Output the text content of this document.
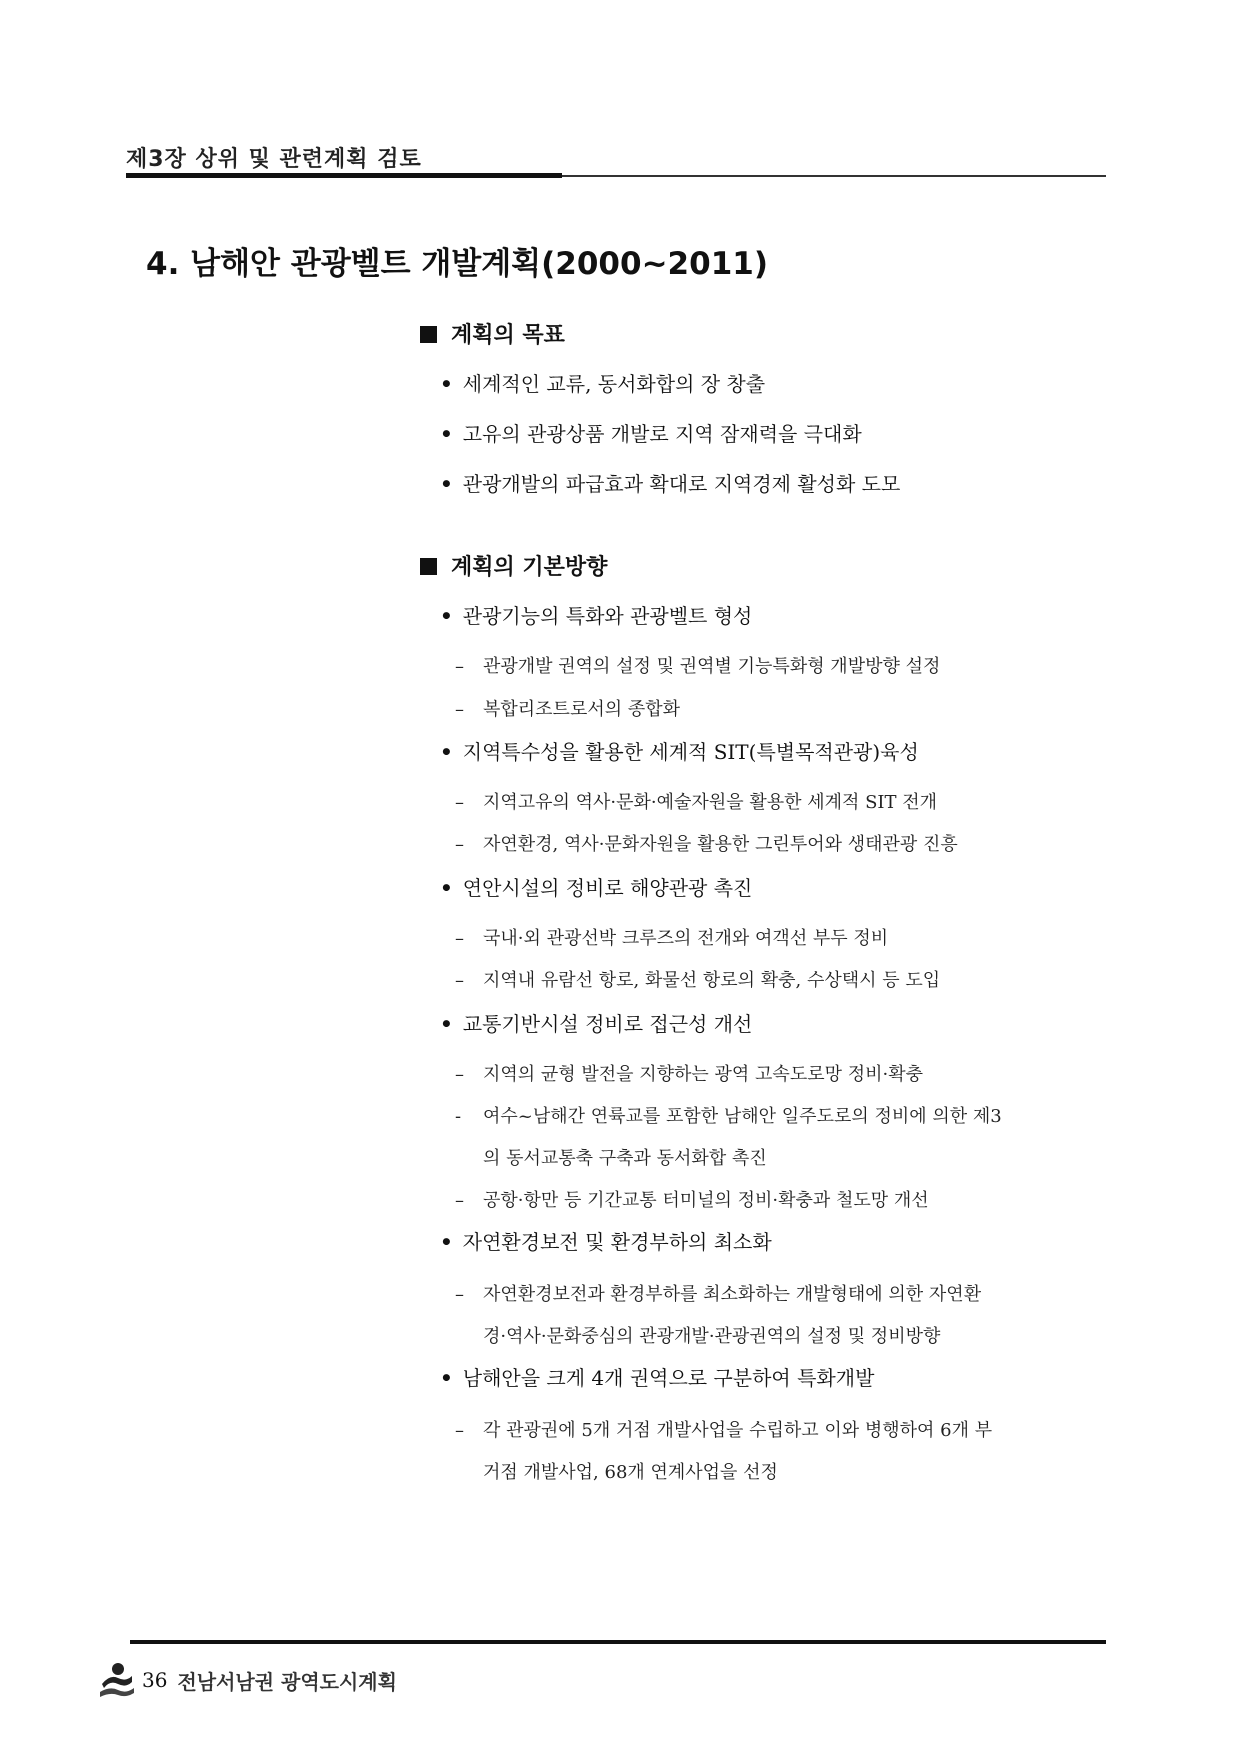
제3장 상위 및 관련계획 검토
4. 남해안 관광벨트 개발계획(2000~2011)
계획의 목표
• 세계적인 교류, 동서화합의 장 창출
• 고유의 관광상품 개발로 지역 잠재력을 극대화
• 관광개발의 파급효과 확대로 지역경제 활성화 도모
계획의 기본방향
• 관광기능의 특화와 관광벨트 형성
– 관광개발 권역의 설정 및 권역별 기능특화형 개발방향 설정
– 복합리조트로서의 종합화
• 지역특수성을 활용한 세계적 SIT(특별목적관광)육성
– 지역고유의 역사·문화·예술자원을 활용한 세계적 SIT 전개
– 자연환경, 역사·문화자원을 활용한 그린투어와 생태관광 진흥
• 연안시설의 정비로 해양관광 촉진
– 국내·외 관광선박 크루즈의 전개와 여객선 부두 정비
– 지역내 유람선 항로, 화물선 항로의 확충, 수상택시 등 도입
• 교통기반시설 정비로 접근성 개선
– 지역의 균형 발전을 지향하는 광역 고속도로망 정비·확충
- 여수~남해간 연륙교를 포함한 남해안 일주도로의 정비에 의한 제3
의 동서교통축 구축과 동서화합 촉진
– 공항·항만 등 기간교통 터미널의 정비·확충과 철도망 개선
• 자연환경보전 및 환경부하의 최소화
– 자연환경보전과 환경부하를 최소화하는 개발형태에 의한 자연환
경·역사·문화중심의 관광개발·관광권역의 설정 및 정비방향
• 남해안을 크게 4개 권역으로 구분하여 특화개발
– 각 관광권에 5개 거점 개발사업을 수립하고 이와 병행하여 6개 부
거점 개발사업, 68개 연계사업을 선정
36 전남서남권 광역도시계획
